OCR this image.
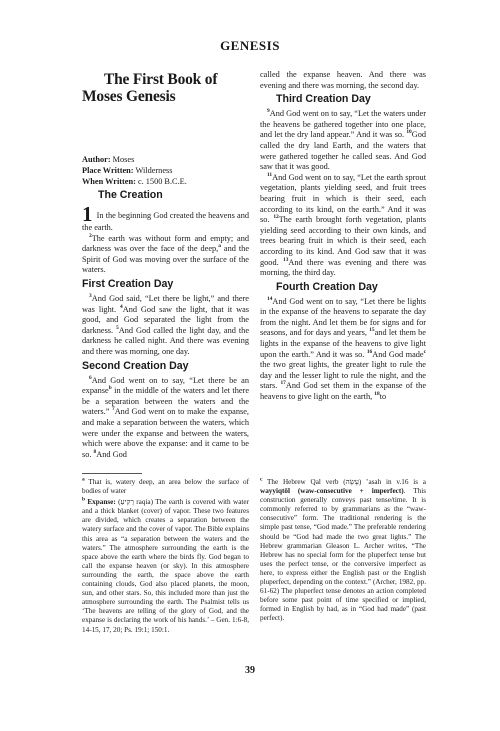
GENESIS
The First Book of
Moses Genesis
Author: Moses
Place Written: Wilderness
When Written: c. 1500 B.C.E.
The Creation

1 In the beginning God created the heavens and the earth.

$^2$The earth was without form and empty; and darkness was over the face of the deep,$^a$ and the Spirit of God was moving over the surface of the waters.

First Creation Day

$^3$And God said, “Let there be light,” and there was light. $^4$And God saw the light, that it was good, and God separated the light from the darkness. $^5$And God called the light day, and the darkness he called night. And there was evening and there was morning, one day.

Second Creation Day

$^6$And God went on to say, “Let there be an expanse$^b$ in the middle of the waters and let there be a separation between the waters and the waters.” $^7$And God went on to make the expanse, and make a separation between the waters, which were under the expanse and between the waters, which were above the expanse: and it came to be so. $^8$And God

called the expanse heaven. And there was evening and there was morning, the second day.

Third Creation Day

$^9$And God went on to say, “Let the waters under the heavens be gathered together into one place, and let the dry land appear.” And it was so. $^{10}$God called the dry land Earth, and the waters that were gathered together he called seas. And God saw that it was good.

$^{11}$And God went on to say, “Let the earth sprout vegetation, plants yielding seed, and fruit trees bearing fruit in which is their seed, each according to its kind, on the earth.” And it was so. $^{12}$The earth brought forth vegetation, plants yielding seed according to their own kinds, and trees bearing fruit in which is their seed, each according to its kind. And God saw that it was good. $^{13}$And there was evening and there was morning, the third day.

Fourth Creation Day

$^{14}$And God went on to say, “Let there be lights in the expanse of the heavens to separate the day from the night. And let them be for signs and for seasons, and for days and years, $^{15}$and let them be lights in the expanse of the heavens to give light upon the earth.” And it was so. $^{16}$And God made$^c$ the two great lights, the greater light to rule the day and the lesser light to rule the night, and the stars. $^{17}$And God set them in the expanse of the heavens to give light on the earth, $^{18}$to

$^a$ That is, watery deep, an area below the surface of bodies of water

$^b$ Expanse: (רָקִיעַ raqia) The earth is covered with water and a thick blanket (cover) of vapor. These two features are divided, which creates a separation between the watery surface and the cover of vapor. The Bible explains this area as “a separation between the waters and the waters.” The atmosphere surrounding the earth is the space above the earth where the birds fly. God began to call the expanse heaven (or sky). In this atmosphere surrounding the earth, the space above the earth containing clouds, God also placed planets, the moon, sun, and other stars. So, this included more than just the atmosphere surrounding the earth. The Psalmist tells us ‘The heavens are telling of the glory of God, and the expanse is declaring the work of his hands.’ – Gen. 1:6-8, 14-15, 17, 20; Ps. 19:1; 150:1.

$^c$ The Hebrew Qal verb (עָשָׂה) ʽasah in v.16 is a wayyiqtōl (waw-consecutive + imperfect). This construction generally conveys past tense/time. It is commonly referred to by grammarians as the “waw-consecutive” form. The traditional rendering is the simple past tense, “God made.” The preferable rendering should be “God had made the two great lights.” The Hebrew grammarian Gleason L. Archer writes, “The Hebrew has no special form for the pluperfect tense but uses the perfect tense, or the conversive imperfect as here, to express either the English past or the English pluperfect, depending on the context.” (Archer, 1982, pp. 61-62) The pluperfect tense denotes an action completed before some past point of time specified or implied, formed in English by had, as in “God had made” (past perfect).

39
